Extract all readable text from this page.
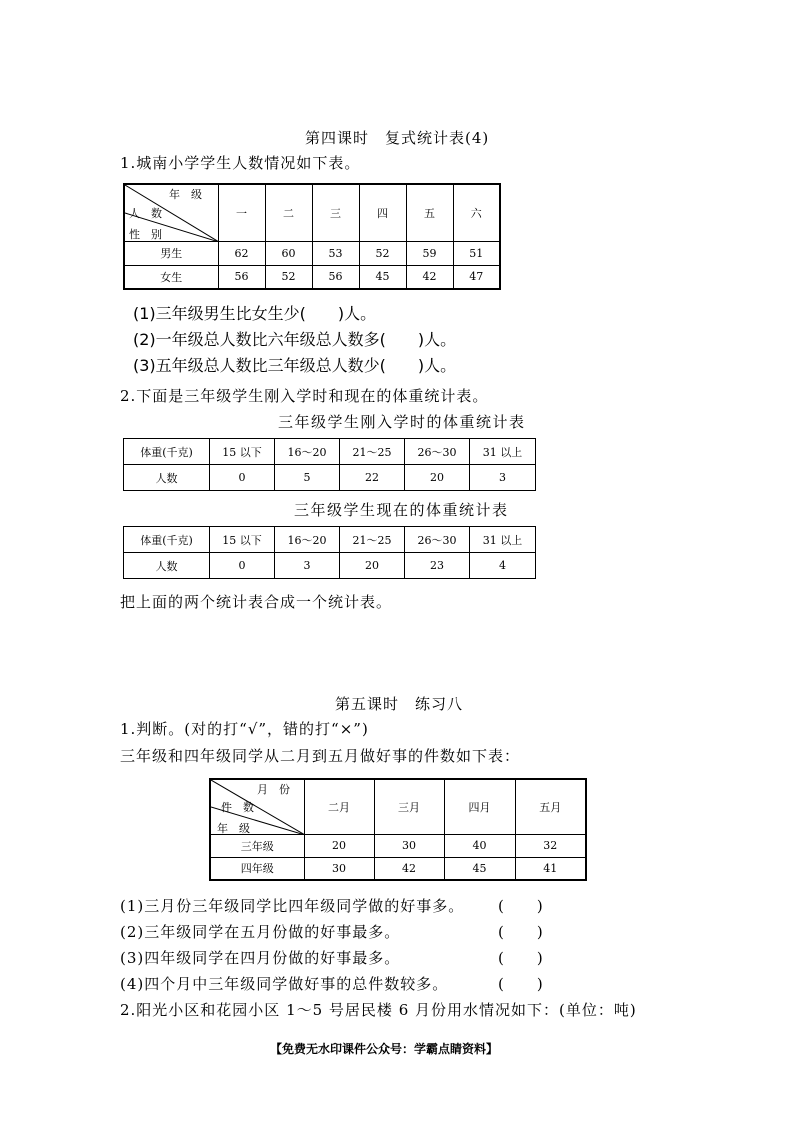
第四课时　复式统计表(4)
1.城南小学学生人数情况如下表。
年　级
人　数
性　别	一	二	三	四	五	六
男生	62	60	53	52	59	51
女生	56	52	56	45	42	47
(1)三年级男生比女生少(　　)人。
(2)一年级总人数比六年级总人数多(　　)人。
(3)五年级总人数比三年级总人数少(　　)人。
2.下面是三年级学生刚入学时和现在的体重统计表。
三年级学生刚入学时的体重统计表
体重(千克)	15 以下	16～20	21～25	26～30	31 以上
人数	0	5	22	20	3
三年级学生现在的体重统计表
体重(千克)	15 以下	16～20	21～25	26～30	31 以上
人数	0	3	20	23	4
把上面的两个统计表合成一个统计表。
第五课时　练习八
1.判断。(对的打“√”，错的打“×”)
三年级和四年级同学从二月到五月做好事的件数如下表：
月　份
件　数
年　级	二月	三月	四月	五月
三年级	20	30	40	32
四年级	30	42	45	41
(1)三月份三年级同学比四年级同学做的好事多。 (　　)
(2)三年级同学在五月份做的好事最多。	(　　)
(3)四年级同学在四月份做的好事最多。	(　　)
(4)四个月中三年级同学做好事的总件数较多。	(　　)
2.阳光小区和花园小区 1～5 号居民楼 6 月份用水情况如下：(单位：吨)
【免费无水印课件公众号：学霸点睛资料】
